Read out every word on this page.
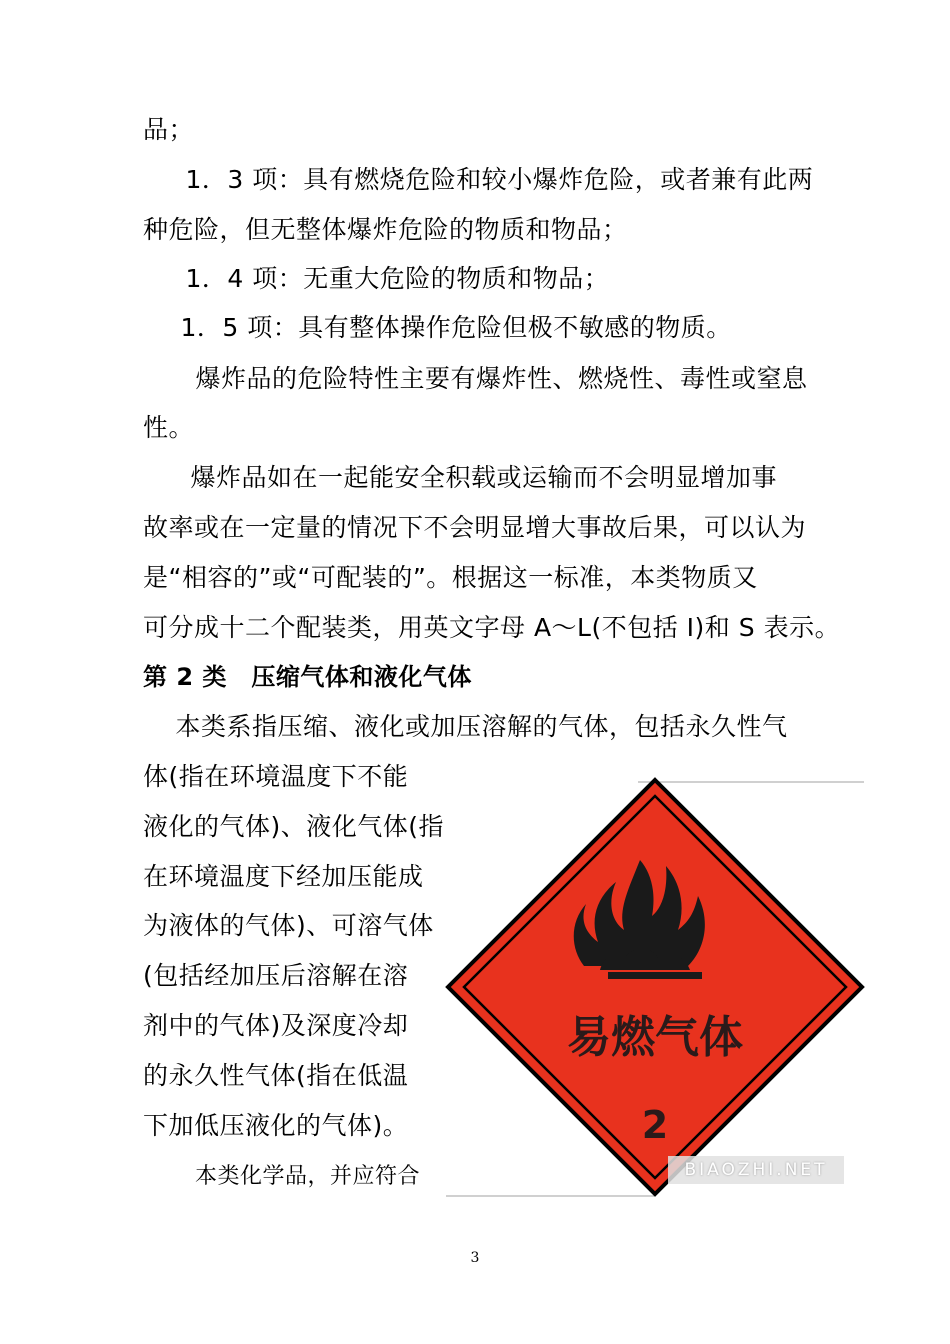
品；
　1．3 项：具有燃烧危险和较小爆炸危险，或者兼有此两
种危险，但无整体爆炸危险的物质和物品；
　1．4 项：无重大危险的物质和物品；
　1．5 项：具有整体操作危险但极不敏感的物质。
　爆炸品的危险特性主要有爆炸性、燃烧性、毒性或窒息
性。
　爆炸品如在一起能安全积载或运输而不会明显增加事
故率或在一定量的情况下不会明显增大事故后果，可以认为
是“相容的”或“可配装的”。根据这一标准，本类物质又
可分成十二个配装类，用英文字母 A～L(不包括 I)和 S 表示。
第 2 类　压缩气体和液化气体
　本类系指压缩、液化或加压溶解的气体，包括永久性气
体(指在环境温度下不能
液化的气体)、液化气体(指
在环境温度下经加压能成
为液体的气体)、可溶气体
(包括经加压后溶解在溶
剂中的气体)及深度冷却
的永久性气体(指在低温
下加低压液化的气体)。
本类化学品，并应符合
易燃气体
2
BIAOZHI.NET
3
